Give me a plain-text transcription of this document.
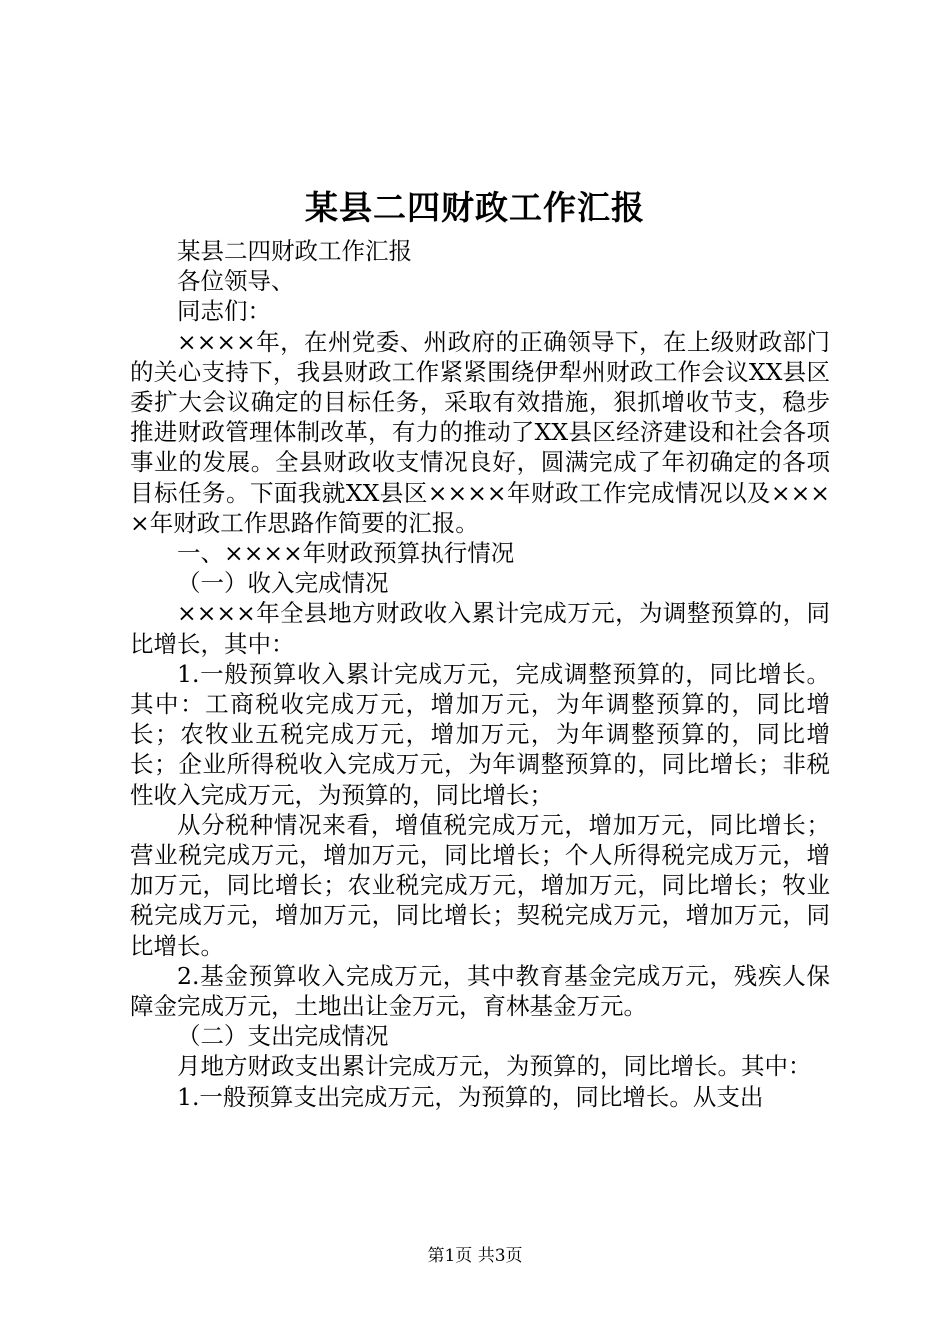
某县二四财政工作汇报

某县二四财政工作汇报

各位领导、

同志们：

××××年，在州党委、州政府的正确领导下，在上级财政部门的关心支持下，我县财政工作紧紧围绕伊犁州财政工作会议XX县区委扩大会议确定的目标任务，采取有效措施，狠抓增收节支，稳步推进财政管理体制改革，有力的推动了XX县区经济建设和社会各项事业的发展。全县财政收支情况良好，圆满完成了年初确定的各项目标任务。下面我就XX县区××××年财政工作完成情况以及××××年财政工作思路作简要的汇报。

一、××××年财政预算执行情况

（一）收入完成情况

××××年全县地方财政收入累计完成万元，为调整预算的，同比增长，其中：

1.一般预算收入累计完成万元，完成调整预算的，同比增长。其中：工商税收完成万元，增加万元，为年调整预算的，同比增长；农牧业五税完成万元，增加万元，为年调整预算的，同比增长；企业所得税收入完成万元，为年调整预算的，同比增长；非税性收入完成万元，为预算的，同比增长；

从分税种情况来看，增值税完成万元，增加万元，同比增长；营业税完成万元，增加万元，同比增长；个人所得税完成万元，增加万元，同比增长；农业税完成万元，增加万元，同比增长；牧业税完成万元，增加万元，同比增长；契税完成万元，增加万元，同比增长。

2.基金预算收入完成万元，其中教育基金完成万元，残疾人保障金完成万元，土地出让金万元，育林基金万元。

（二）支出完成情况

月地方财政支出累计完成万元，为预算的，同比增长。其中：

1.一般预算支出完成万元，为预算的，同比增长。从支出

第1页 共3页
